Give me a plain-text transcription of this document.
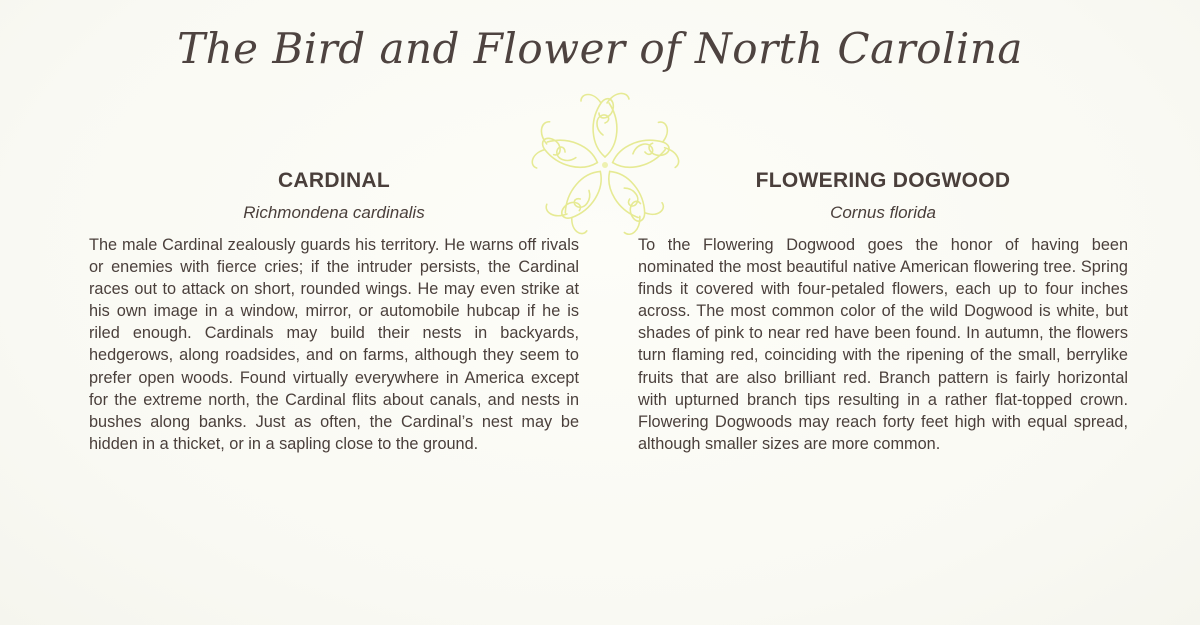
The Bird and Flower of North Carolina
CARDINAL

Richmondena cardinalis

The male Cardinal zealously guards his territory. He warns off rivals or enemies with fierce cries; if the intruder persists, the Cardinal races out to attack on short, rounded wings. He may even strike at his own image in a window, mirror, or automobile hubcap if he is riled enough. Cardinals may build their nests in backyards, hedgerows, along roadsides, and on farms, although they seem to prefer open woods. Found virtually everywhere in America except for the extreme north, the Cardinal flits about canals, and nests in bushes along banks. Just as often, the Cardinal’s nest may be hidden in a thicket, or in a sapling close to the ground.

FLOWERING DOGWOOD

Cornus florida

To the Flowering Dogwood goes the honor of having been nominated the most beautiful native American flowering tree. Spring finds it covered with four-petaled flowers, each up to four inches across. The most common color of the wild Dogwood is white, but shades of pink to near red have been found. In autumn, the flowers turn flaming red, coinciding with the ripening of the small, berrylike fruits that are also brilliant red. Branch pattern is fairly horizontal with upturned branch tips resulting in a rather flat-topped crown. Flowering Dogwoods may reach forty feet high with equal spread, although smaller sizes are more common.
